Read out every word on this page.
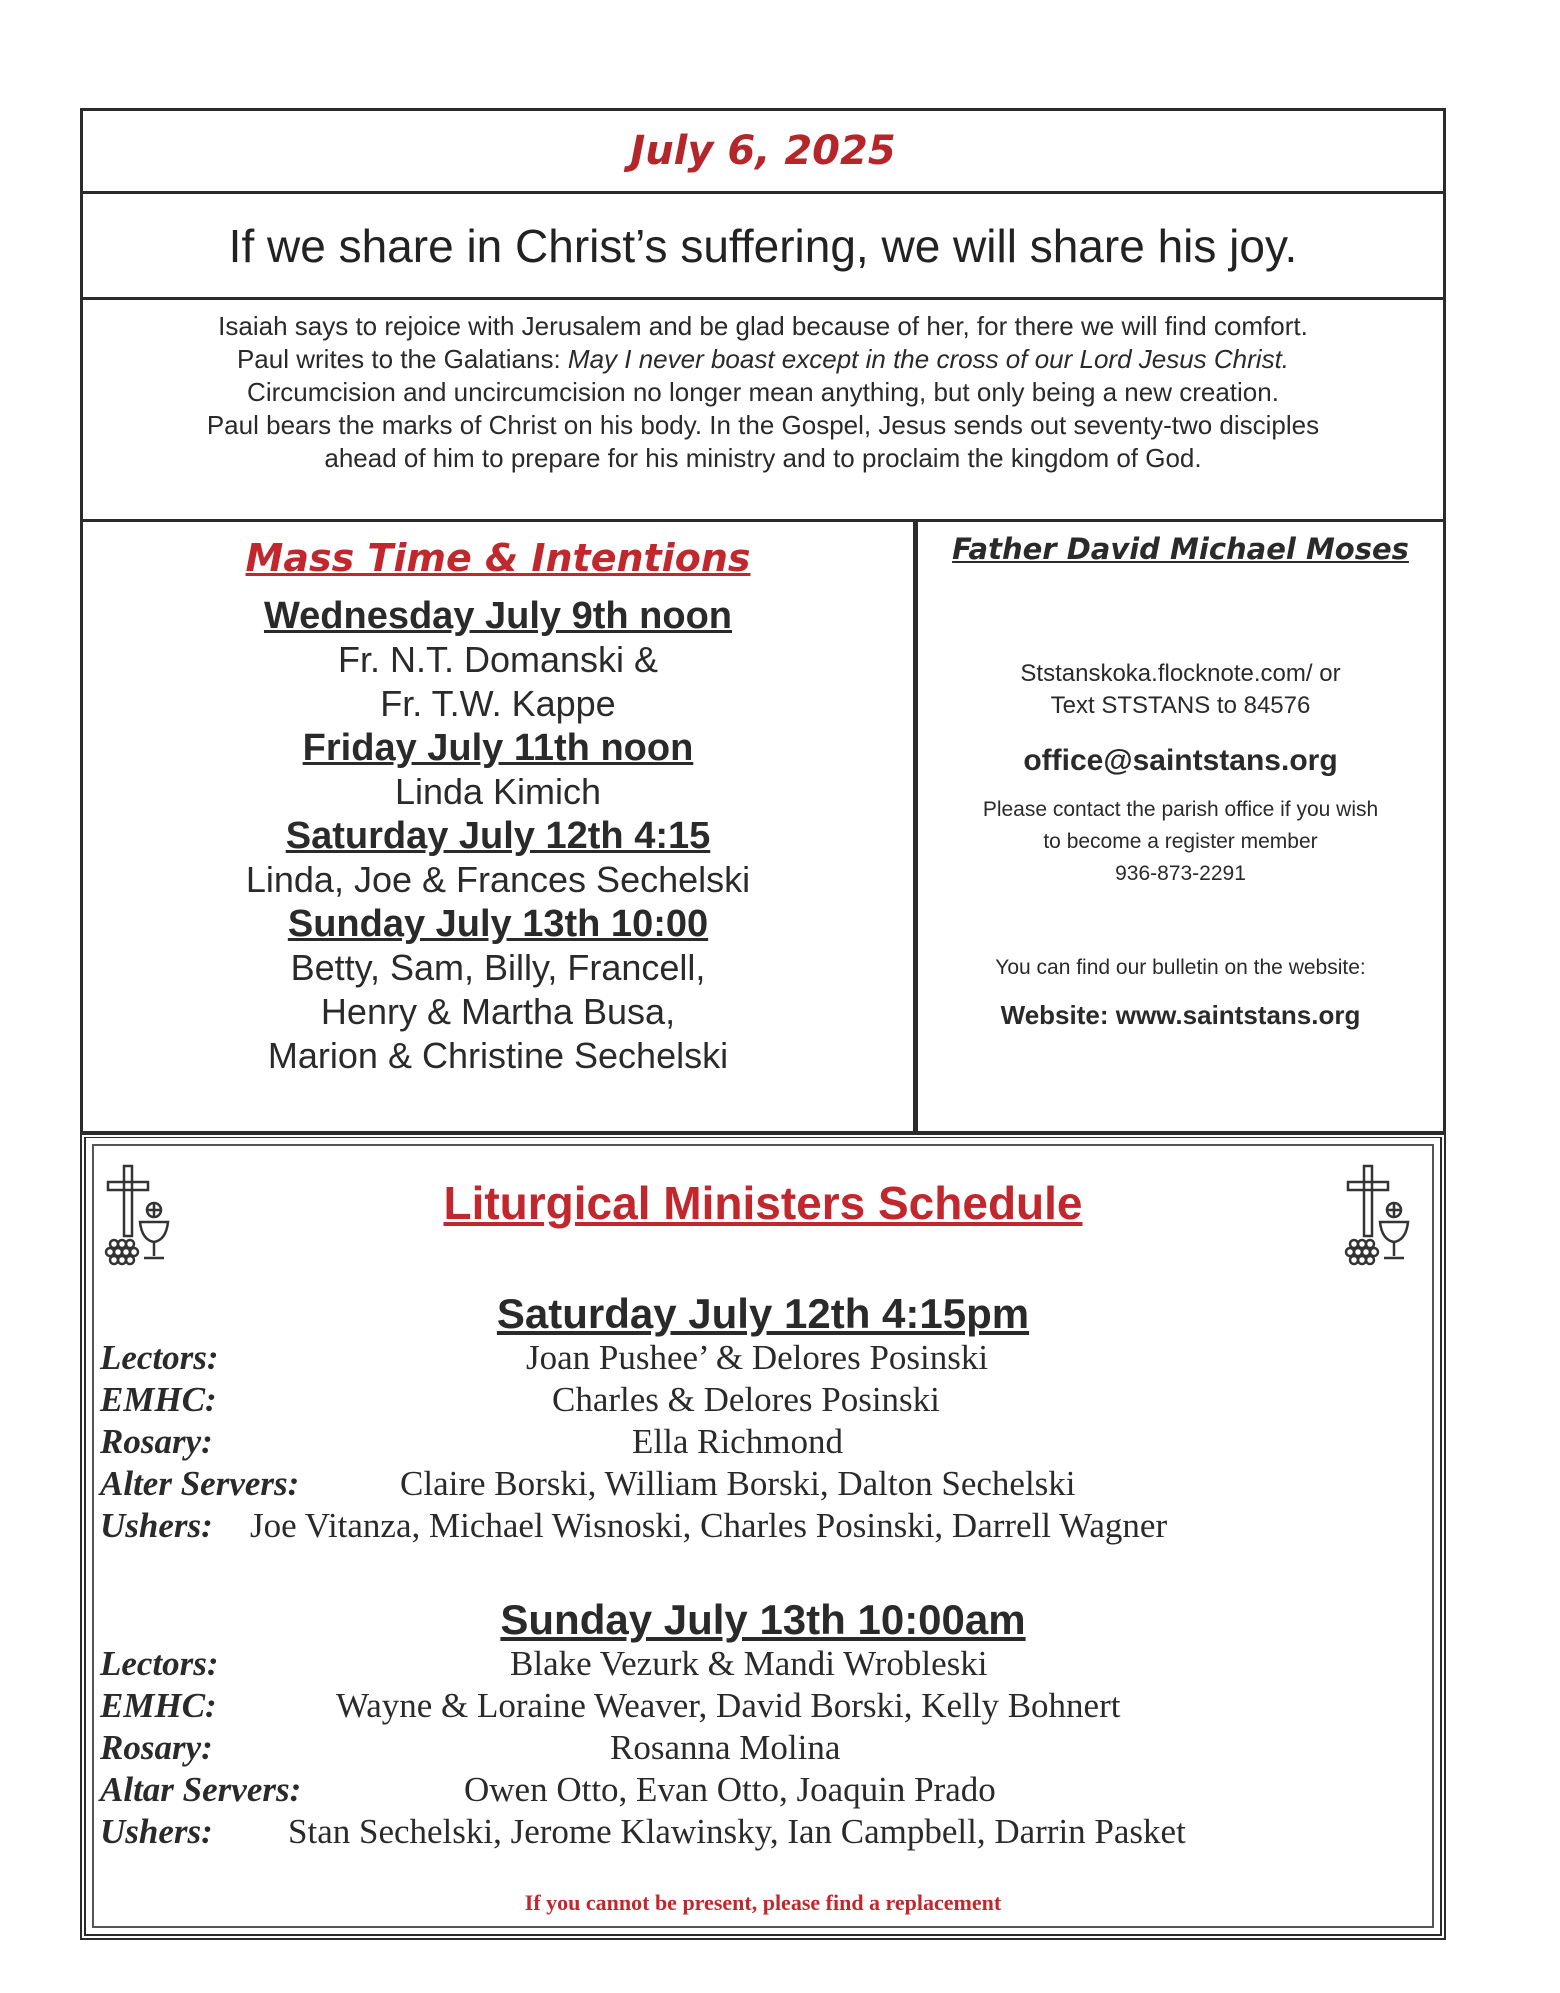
July 6, 2025
If we share in Christ’s suffering, we will share his joy.
Isaiah says to rejoice with Jerusalem and be glad because of her, for there we will find comfort.
Paul writes to the Galatians: May I never boast except in the cross of our Lord Jesus Christ.
Circumcision and uncircumcision no longer mean anything, but only being a new creation.
Paul bears the marks of Christ on his body. In the Gospel, Jesus sends out seventy-two disciples
ahead of him to prepare for his ministry and to proclaim the kingdom of God.
Mass Time & Intentions
Wednesday July 9th noon
Fr. N.T. Domanski &
Fr. T.W. Kappe
Friday July 11th noon
Linda Kimich
Saturday July 12th 4:15
Linda, Joe & Frances Sechelski
Sunday July 13th 10:00
Betty, Sam, Billy, Francell,
Henry & Martha Busa,
Marion & Christine Sechelski
Father David Michael Moses
Ststanskoka.flocknote.com/ or
Text STSTANS to 84576
office@saintstans.org
Please contact the parish office if you wish
to become a register member
936-873-2291
You can find our bulletin on the website:
Website: www.saintstans.org
Liturgical Ministers Schedule
Saturday July 12th 4:15pm
Lectors:	Joan Pushee’ & Delores Posinski
EMHC:	Charles & Delores Posinski
Rosary:	Ella Richmond
Alter Servers:	Claire Borski, William Borski, Dalton Sechelski
Ushers: Joe Vitanza, Michael Wisnoski, Charles Posinski, Darrell Wagner
Sunday July 13th 10:00am
Lectors:	Blake Vezurk & Mandi Wrobleski
EMHC:	Wayne & Loraine Weaver, David Borski, Kelly Bohnert
Rosary:	Rosanna Molina
Altar Servers:	Owen Otto, Evan Otto, Joaquin Prado
Ushers: Stan Sechelski, Jerome Klawinsky, Ian Campbell, Darrin Pasket
If you cannot be present, please find a replacement
